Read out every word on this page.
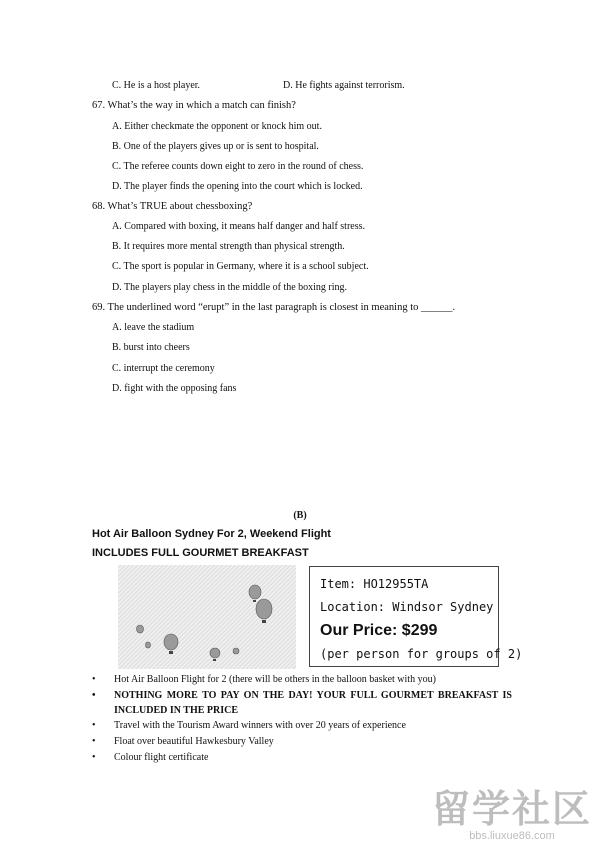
C. He is a host player.	D. He fights against terrorism.
67. What’s the way in which a match can finish?
A. Either checkmate the opponent or knock him out.
B. One of the players gives up or is sent to hospital.
C. The referee counts down eight to zero in the round of chess.
D. The player finds the opening into the court which is locked.
68. What’s TRUE about chessboxing?
A. Compared with boxing, it means half danger and half stress.
B. It requires more mental strength than physical strength.
C. The sport is popular in Germany, where it is a school subject.
D. The players play chess in the middle of the boxing ring.
69. The underlined word “erupt” in the last paragraph is closest in meaning to ______.
A. leave the stadium
B. burst into cheers
C. interrupt the ceremony
D. fight with the opposing fans
(B)
Hot Air Balloon Sydney For 2, Weekend Flight
INCLUDES FULL GOURMET BREAKFAST
Item: HO12955TA
Location: Windsor Sydney
Our Price: $299
(per person for groups of 2)
• Hot Air Balloon Flight for 2 (there will be others in the balloon basket with you)
• NOTHING MORE TO PAY ON THE DAY! YOUR FULL GOURMET BREAKFAST IS INCLUDED IN THE PRICE
• Travel with the Tourism Award winners with over 20 years of experience
• Float over beautiful Hawkesbury Valley
• Colour flight certificate
留学社区
bbs.liuxue86.com
